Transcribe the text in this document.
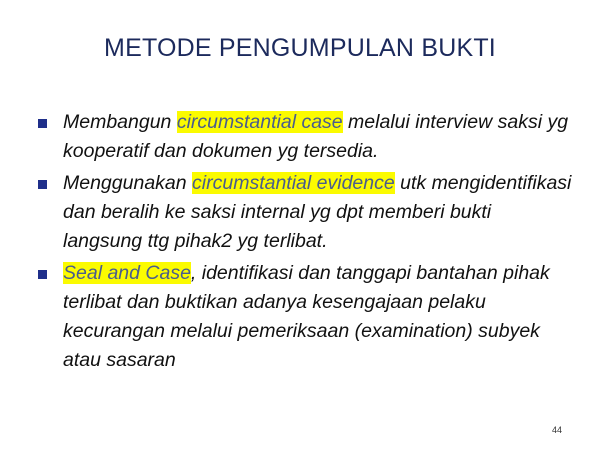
METODE PENGUMPULAN BUKTI
Membangun circumstantial case melalui interview saksi yg kooperatif dan dokumen yg tersedia.
Menggunakan circumstantial evidence utk mengidentifikasi dan beralih ke saksi internal yg dpt memberi bukti langsung ttg pihak2 yg terlibat.
Seal and Case, identifikasi dan tanggapi bantahan pihak terlibat dan buktikan adanya kesengajaan pelaku kecurangan melalui pemeriksaan (examination) subyek atau sasaran
44
